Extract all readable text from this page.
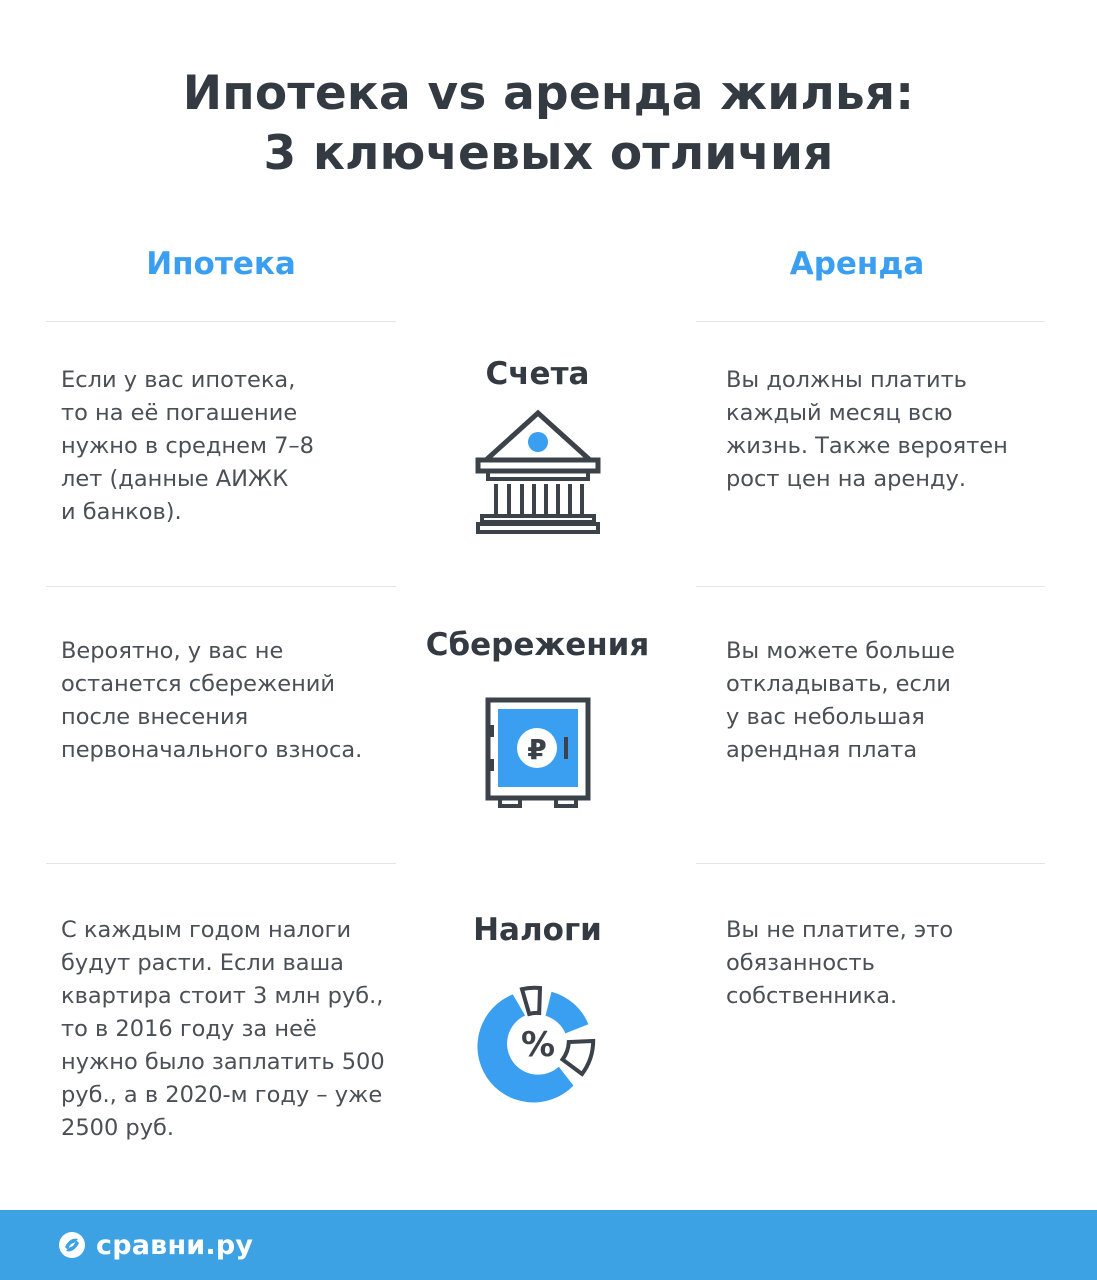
Ипотека vs аренда жилья:
3 ключевых отличия
Ипотека	Аренда
Если у вас ипотека,
то на её погашение
нужно в среднем 7–8
лет (данные АИЖК
и банков).
Счета	Вы должны платить
каждый месяц всю
жизнь. Также вероятен
рост цен на аренду.
Вероятно, у вас не
останется сбережений
после внесения
первоначального взноса.
Сбережения
₽
Вы можете больше
откладывать, если
у вас небольшая
арендная плата
С каждым годом налоги
будут расти. Если ваша
квартира стоит 3 млн руб.,
то в 2016 году за неё
нужно было заплатить 500
руб., а в 2020-м году – уже
2500 руб.
Налоги
%
Вы не платите, это
обязанность
собственника.
сравни.ру
